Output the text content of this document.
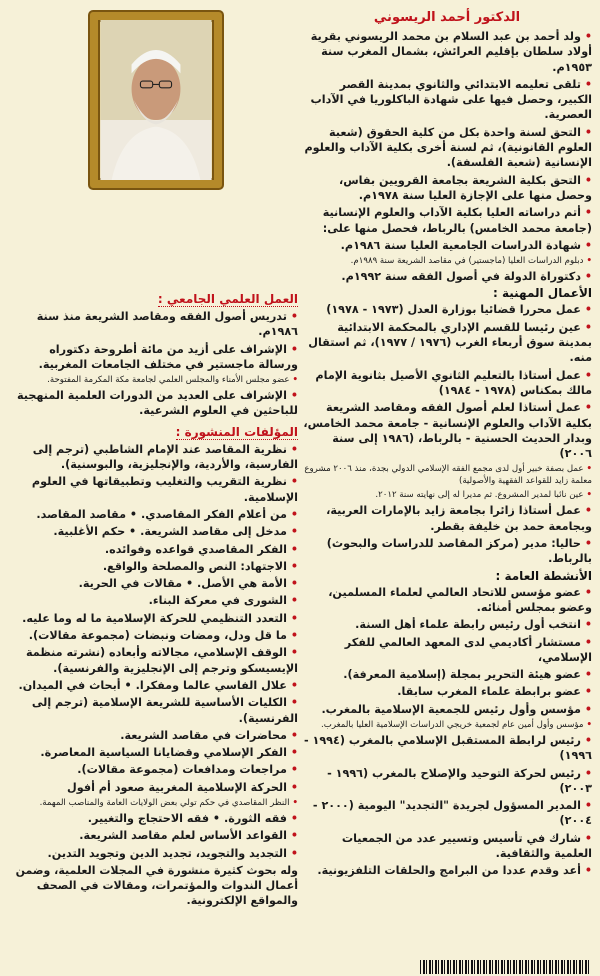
الدكتور أحمد الريسوني

• ولد أحمد بن عبد السلام بن محمد الريسوني بقرية أولاد سلطان بإقليم العرائش، بشمال المغرب سنة ١٩٥٣م.

• تلقى تعليمه الابتدائي والثانوي بمدينة القصر الكبير، وحصل فيها على شهادة الباكلوريا في الآداب العصرية.

• التحق لسنة واحدة بكل من كلية الحقوق (شعبة العلوم القانونية)، ثم لسنة أخرى بكلية الآداب والعلوم الإنسانية (شعبة الفلسفة).

• التحق بكلية الشريعة بجامعة القرويين بفاس، وحصل منها على الإجازة العليا سنة ١٩٧٨م.

• أتم دراساته العليا بكلية الآداب والعلوم الإنسانية (جامعة محمد الخامس) بالرباط، فحصل منها على:

• شهادة الدراسات الجامعية العليا سنة ١٩٨٦م.

• دبلوم الدراسات العليا (ماجستير) في مقاصد الشريعة سنة ١٩٨٩م.

• دكتوراة الدولة في أصول الفقه سنة ١٩٩٢م.

الأعمال المهنية :

• عمل محررا قضائيا بوزارة العدل (١٩٧٣ - ١٩٧٨)

• عين رئيسا للقسم الإداري بالمحكمة الابتدائية بمدينة سوق أربعاء الغرب (١٩٧٦ / ١٩٧٧)، ثم استقال منه.

• عمل أستاذا بالتعليم الثانوي الأصيل بثانوية الإمام مالك بمكناس (١٩٧٨ - ١٩٨٤)

• عمل أستاذا لعلم أصول الفقه ومقاصد الشريعة بكلية الآداب والعلوم الإنسانية - جامعة محمد الخامس، وبدار الحديث الحسنية - بالرباط، (١٩٨٦ إلى سنة ٢٠٠٦)

• عمل بصفة خبير أول لدى مجمع الفقه الإسلامي الدولي بجدة، منذ ٢٠٠٦ مشروع معلمة زايد للقواعد الفقهية والأصولية)

• عين نائبا لمدير المشروع. ثم مديرا له إلى نهايته سنة ٢٠١٢.

• عمل أستاذا زائرا بجامعة زايد بالإمارات العربية، وبجامعة حمد بن خليفة بقطر.

• حاليا: مدير (مركز المقاصد للدراسات والبحوث) بالرباط.

الأنشطة العامة :

• عضو مؤسس للاتحاد العالمي لعلماء المسلمين، وعضو بمجلس أمنائه.

• انتخب أول رئيس رابطة علماء أهل السنة.

• مستشار أكاديمي لدى المعهد العالمي للفكر الإسلامي،

• عضو هيئة التحرير بمجلة (إسلامية المعرفة).

• عضو برابطة علماء المغرب سابقا.

• مؤسس وأول رئيس للجمعية الإسلامية بالمغرب.

• مؤسس وأول أمين عام لجمعية خريجي الدراسات الإسلامية العليا بالمغرب.

• رئيس لرابطة المستقبل الإسلامي بالمغرب (١٩٩٤ - ١٩٩٦)

• رئيس لحركة التوحيد والإصلاح بالمغرب (١٩٩٦ - ٢٠٠٣)

• المدير المسؤول لجريدة "التجديد" اليومية (٢٠٠٠ - ٢٠٠٤)

• شارك في تأسيس وتسيير عدد من الجمعيات العلمية والثقافية.

• أعد وقدم عددا من البرامج والحلقات التلفزيونية.

العمل العلمي الجامعي :

• تدريس أصول الفقه ومقاصد الشريعة منذ سنة ١٩٨٦م.

• الإشراف على أزيد من مائة أطروحة دكتوراه ورسالة ماجستير في مختلف الجامعات المغربية.

• عضو مجلس الأمناء والمجلس العلمي لجامعة مكة المكرمة المفتوحة.

• الإشراف على العديد من الدورات العلمية المنهجية للباحثين في العلوم الشرعية.

المؤلفات المنشورة :

• نظرية المقاصد عند الإمام الشاطبي (ترجم إلى الفارسية، والأردية، والإنجليزية، والبوسنية).

• نظرية التقريب والتغليب وتطبيقاتها في العلوم الإسلامية.

• من أعلام الفكر المقاصدي. • مقاصد المقاصد.

• مدخل إلى مقاصد الشريعة. • حكم الأغلبية.

• الفكر المقاصدي قواعده وفوائده.

• الاجتهاد: النص والمصلحة والواقع.

• الأمة هي الأصل. • مقالات في الحرية.

• الشورى في معركة البناء.

• التعدد التنظيمي للحركة الإسلامية ما له وما عليه.

• ما قل ودل، ومضات ونبضات (مجموعة مقالات).

• الوقف الإسلامي، مجالاته وأبعاده (نشرته منظمة الإيسيسكو وترجم إلى الإنجليزية والفرنسية).

• علال الفاسي عالما ومفكرا. • أبحاث في الميدان.

• الكليات الأساسية للشريعة الإسلامية (ترجم إلى الفرنسية).

• محاضرات في مقاصد الشريعة.

• الفكر الإسلامي وقضايانا السياسية المعاصرة.

• مراجعات ومدافعات (مجموعة مقالات).

• الحركة الإسلامية المغربية صعود أم أفول

• النظر المقاصدي في حكم تولي بعض الولايات العامة والمناصب المهمة.

• فقه الثورة. • فقه الاحتجاج والتغيير.

• القواعد الأساس لعلم مقاصد الشريعة.

• التجديد والتجويد، تجديد الدين وتجويد التدين.

وله بحوث كثيرة منشورة في المجلات العلمية، وضمن أعمال الندوات والمؤتمرات، ومقالات في الصحف والمواقع الإلكترونية.
